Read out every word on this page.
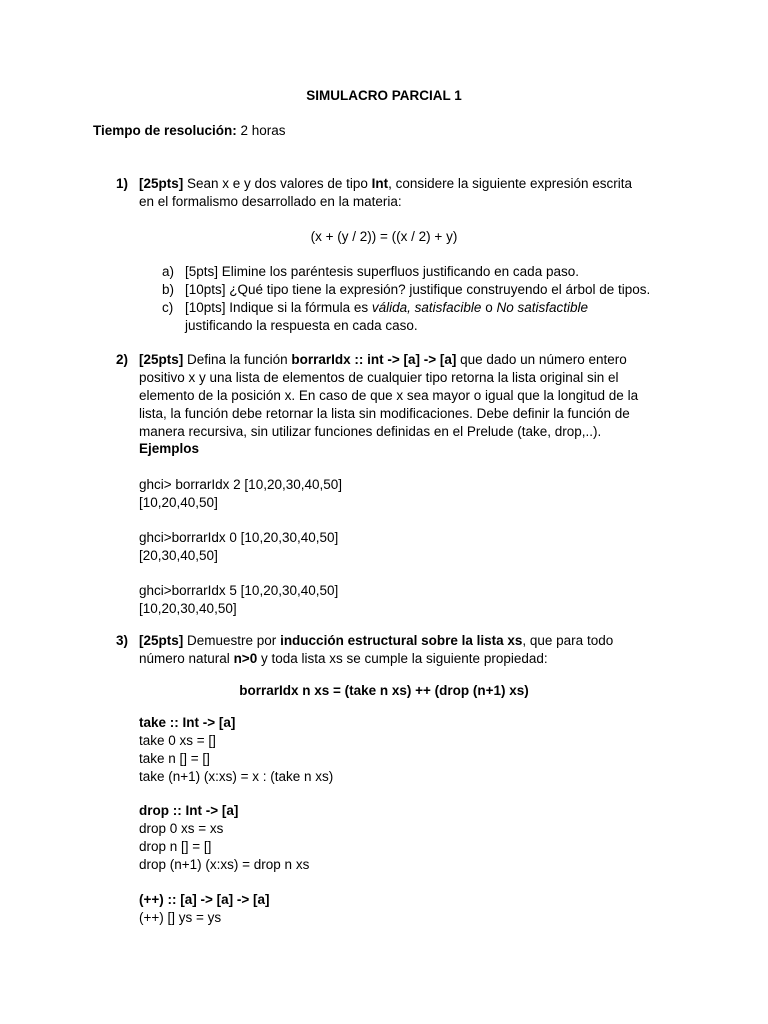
SIMULACRO PARCIAL 1
Tiempo de resolución: 2 horas
1) [25pts] Sean x e y dos valores de tipo Int, considere la siguiente expresión escrita
en el formalismo desarrollado en la materia:
(x + (y / 2)) = ((x / 2) + y)
a) [5pts] Elimine los paréntesis superfluos justificando en cada paso.
b) [10pts] ¿Qué tipo tiene la expresión? justifique construyendo el árbol de tipos.
c) [10pts] Indique si la fórmula es válida, satisfacible o No satisfactible
justificando la respuesta en cada caso.
2) [25pts] Defina la función borrarIdx :: int -> [a] -> [a] que dado un número entero
positivo x y una lista de elementos de cualquier tipo retorna la lista original sin el
elemento de la posición x. En caso de que x sea mayor o igual que la longitud de la
lista, la función debe retornar la lista sin modificaciones. Debe definir la función de
manera recursiva, sin utilizar funciones definidas en el Prelude (take, drop,..).
Ejemplos
ghci> borrarIdx 2 [10,20,30,40,50]
[10,20,40,50]
ghci>borrarIdx 0 [10,20,30,40,50]
[20,30,40,50]
ghci>borrarIdx 5 [10,20,30,40,50]
[10,20,30,40,50]
3) [25pts] Demuestre por inducción estructural sobre la lista xs, que para todo
número natural n>0 y toda lista xs se cumple la siguiente propiedad:
borrarIdx n xs = (take n xs) ++ (drop (n+1) xs)
take :: Int -> [a]
take 0 xs = []
take n [] = []
take (n+1) (x:xs) = x : (take n xs)
drop :: Int -> [a]
drop 0 xs = xs
drop n [] = []
drop (n+1) (x:xs) = drop n xs
(++) :: [a] -> [a] -> [a]
(++) [] ys = ys
